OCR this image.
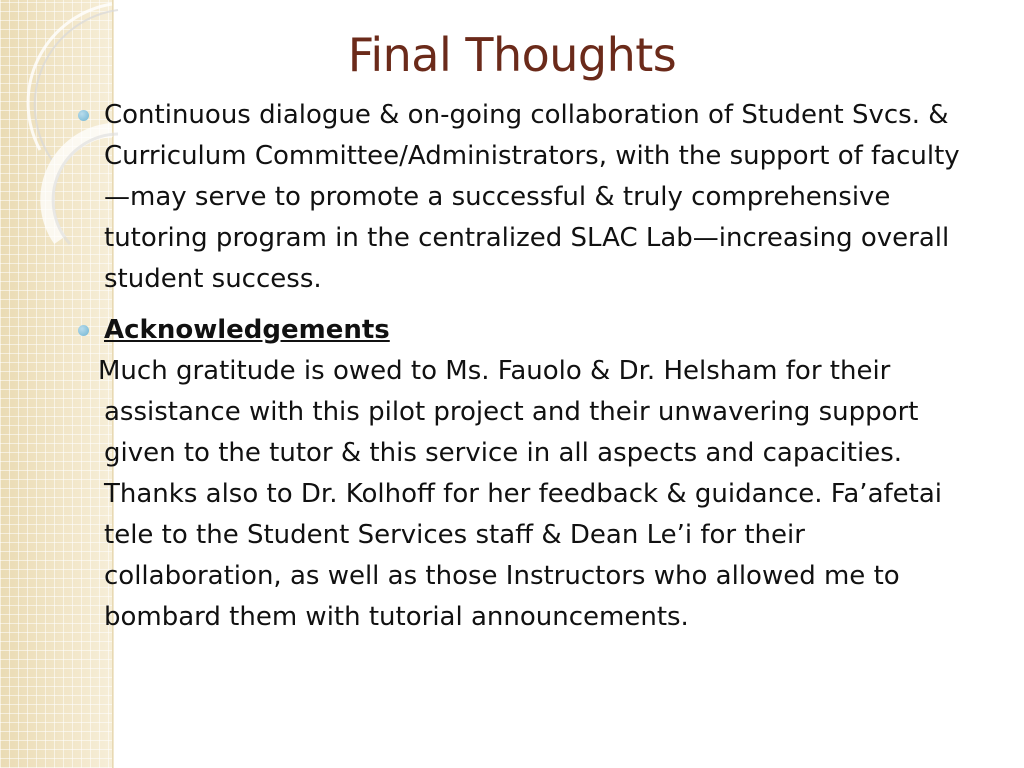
Final Thoughts
Continuous dialogue & on-going collaboration of Student Svcs. & Curriculum Committee/Administrators, with the support of faculty—may serve to promote a successful & truly comprehensive tutoring program in the centralized SLAC Lab—increasing overall student success.
Acknowledgements
Much gratitude is owed to Ms. Fauolo & Dr. Helsham for their assistance with this pilot project and their unwavering support given to the tutor & this service in all aspects and capacities. Thanks also to Dr. Kolhoff for her feedback & guidance. Fa’afetai tele to the Student Services staff & Dean Le’i for their collaboration, as well as those Instructors who allowed me to bombard them with tutorial announcements.
